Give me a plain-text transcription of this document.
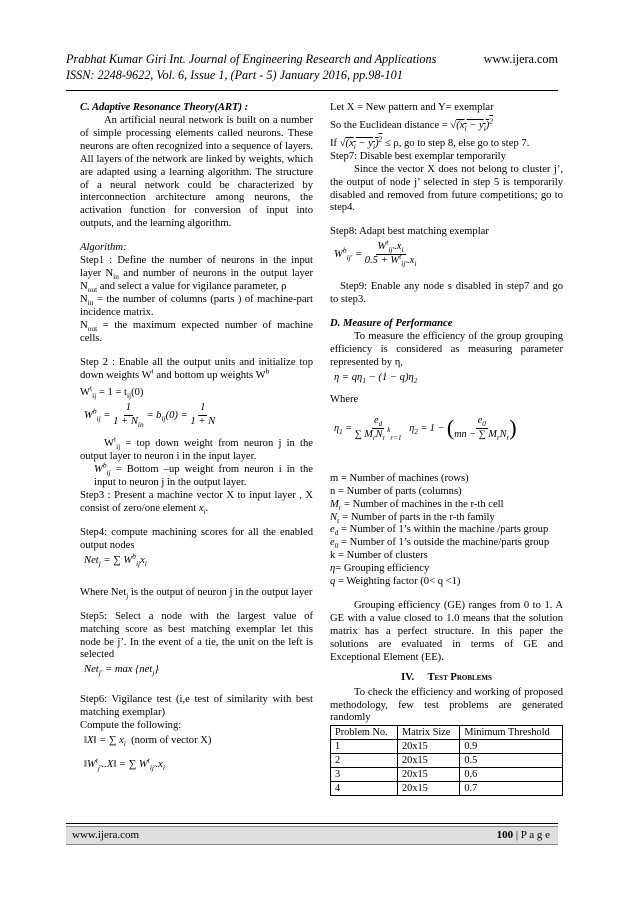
Prabhat Kumar Giri Int. Journal of Engineering Research and Applications	www.ijera.com
ISSN: 2248-9622, Vol. 6, Issue 1, (Part - 5) January 2016, pp.98-101

C. Adaptive Resonance Theory(ART) :

An artificial neural network is built on a number of simple processing elements called neurons. These neurons are often recognized into a sequence of layers. All layers of the network are linked by weights, which are adapted using a learning algorithm. The structure of a neural network could be characterized by interconnection architecture among neurons, the activation function for conversion of input into outputs, and the learning algorithm.

Algorithm:

Step1 : Define the number of neurons in the input layer $N_{in}$ and number of neurons in the output layer $N_{out}$ and select a value for vigilance parameter, ρ

$N_{in}$ = the number of columns (parts ) of machine-part incidence matrix.

$N_{out}$ = the maximum expected number of machine cells.

Step 2 : Enable all the output units and initialize top down weights $W^t$ and bottom up weights $W^b$

$W^t_{ij} = 1 = t_{ij}(0)$

$W^b_{ij} = \frac{1}{1 + N_{in}} = b_{ij}(0) = \frac{1}{1 + N}$

$W^t_{ij}$ = top down weight from neuron j in the output layer to neuron i in the input layer.

$W^b_{ij}$ = Bottom –up weight from neuron i in the input to neuron j in the output layer.

Step3 : Present a machine vector X to input layer , X consist of zero/one element $x_i$.

Step4: compute machining scores for all the enabled output nodes

Net$_j$ = ∑ $W^b_{ij}x_i$

Where Net$_j$ is the output of neuron j in the output layer

Step5: Select a node with the largest value of matching score as best matching exemplar let this node be j’. In the event of a tie, the unit on the left is selected

Net$_{j'}$ = max {net$_j$}

Step6: Vigilance test (i,e test of similarity with best matching exemplar)

Compute the following:

‖X‖ = ∑ $x_i$ (norm of vector X)
$‖W^t_{j'}..X‖$ = ∑ $W^t_{ij'}.x_i$

Let X = New pattern and Y= exemplar

So the Euclidean distance = $√(x_i - y_i)^2$

If $√(x_i - y_i)^2 \le \rho$, go to step 8, else go to step 7.

Step7: Disable best exemplar temporarily

Since the vector X does not belong to cluster j’, the output of node j’ selected in step 5 is temporarily disabled and removed from future competitions; go to step4.

Step8: Adapt best matching exemplar

$W^b_{ij'} = \frac{W^t_{ij'}.x_i}{0.5 + W^t_{ij'}.x_i}$

Step9: Enable any node s disabled in step7 and go to step3.

D. Measure of Performance

To measure the efficiency of the group grouping efficiency is considered as measuring parameter represented by η,

$\eta = q\eta_1 - (1 - q)\eta_2$

Where

$\eta_1 = \frac{e_d}{\sum M_rN_r^k_{r=1}} \eta_2 = 1$ − ( $\frac{e_0}{mn - \sum M_rN_r}$ )

m = Number of machines (rows)

n = Number of parts (columns)

$M_r$ = Number of machines in the r-th cell

$N_r$ = Number of parts in the r-th family

$e_d$ = Number of 1’s within the machine /parts group

$e_0$ = Number of 1’s outside the machine/parts group

k = Number of clusters

η= Grouping efficiency

q = Weighting factor (0< q <1)

Grouping efficiency (GE) ranges from 0 to 1. A GE with a value closed to 1.0 means that the solution matrix has a perfect structure. In this paper the solutions are evaluated in terms of GE and Exceptional Element (EE).

IV. Test Problems

To check the efficiency and working of proposed methodology, few test problems are generated randomly

Problem No.	Matrix Size	Minimum Threshold
1	20x15	0.9
2	20x15	0.5
3	20x15	0.6
4	20x15	0.7
www.ijera.com	100 | P a g e
